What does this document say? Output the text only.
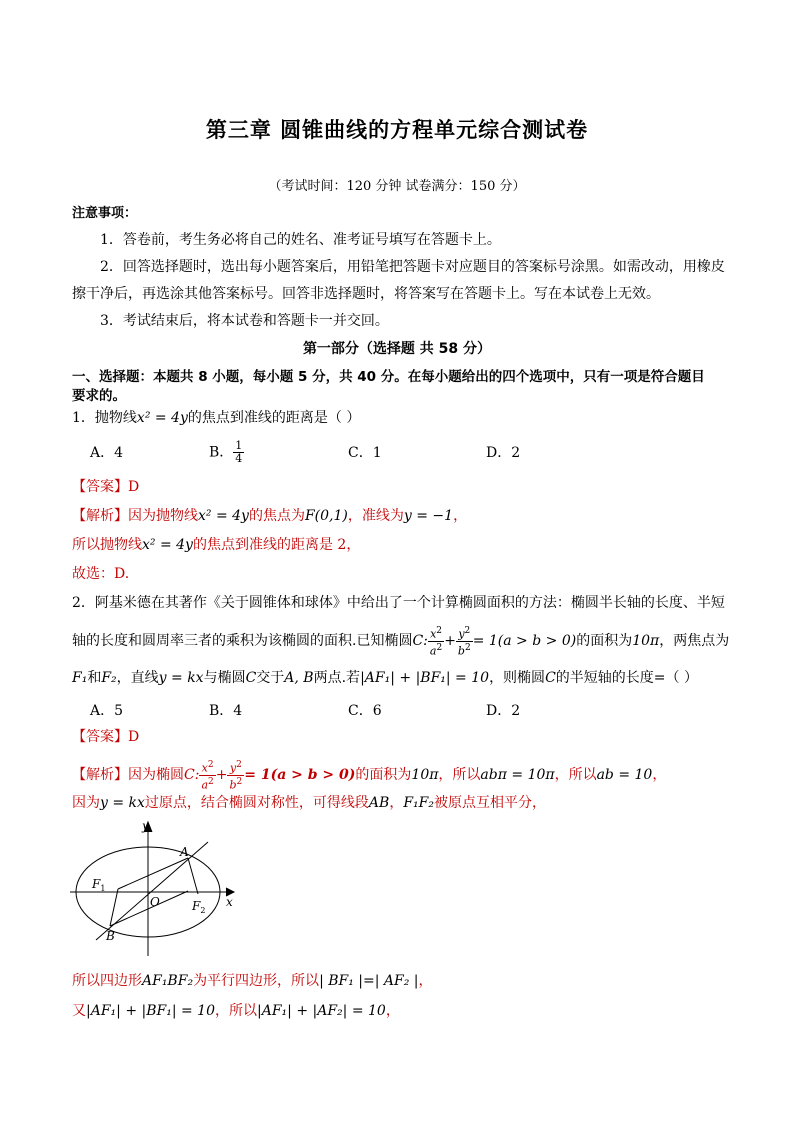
第三章 圆锥曲线的方程单元综合测试卷
（考试时间：120 分钟 试卷满分：150 分）
注意事项：
1．答卷前，考生务必将自己的姓名、准考证号填写在答题卡上。
2．回答选择题时，选出每小题答案后，用铅笔把答题卡对应题目的答案标号涂黑。如需改动，用橡皮
擦干净后，再选涂其他答案标号。回答非选择题时，将答案写在答题卡上。写在本试卷上无效。
3．考试结束后，将本试卷和答题卡一并交回。
第一部分（选择题 共 58 分）
一、选择题：本题共 8 小题，每小题 5 分，共 40 分。在每小题给出的四个选项中，只有一项是符合题目
要求的。
1．抛物线x² = 4y的焦点到准线的距离是（ ）
A．4	B． $\frac{1}{4}$	C．1	D．2
【答案】D
【解析】因为抛物线x² = 4y的焦点为F(0,1)，准线为y = −1，
所以抛物线x² = 4y的焦点到准线的距离是 2，
故选：D.
2．阿基米德在其著作《关于圆锥体和球体》中给出了一个计算椭圆面积的方法：椭圆半长轴的长度、半短
轴的长度和圆周率三者的乘积为该椭圆的面积.已知椭圆C: $\frac{x^2}{a^2} + \frac{y^2}{b^2} = 1(a > b > 0)$的面积为10π，两焦点为
F₁和F₂，直线y = kx与椭圆C交于A, B两点.若|AF₁| + |BF₁| = 10，则椭圆C的半短轴的长度=（ ）
A．5	B．4	C．6	D．2
【答案】D
【解析】因为椭圆C: $\frac{x^2}{a^2} + \frac{y^2}{b^2} = 1(a > b > 0)$的面积为10π，所以abπ = 10π，所以ab = 10，
因为y = kx过原点，结合椭圆对称性，可得线段AB，F₁F₂被原点互相平分，
y
x
A
B
O
$F_1$
$F_2$
所以四边形AF₁BF₂为平行四边形，所以| BF₁ |=| AF₂ |，
又|AF₁| + |BF₁| = 10，所以|AF₁| + |AF₂| = 10，
